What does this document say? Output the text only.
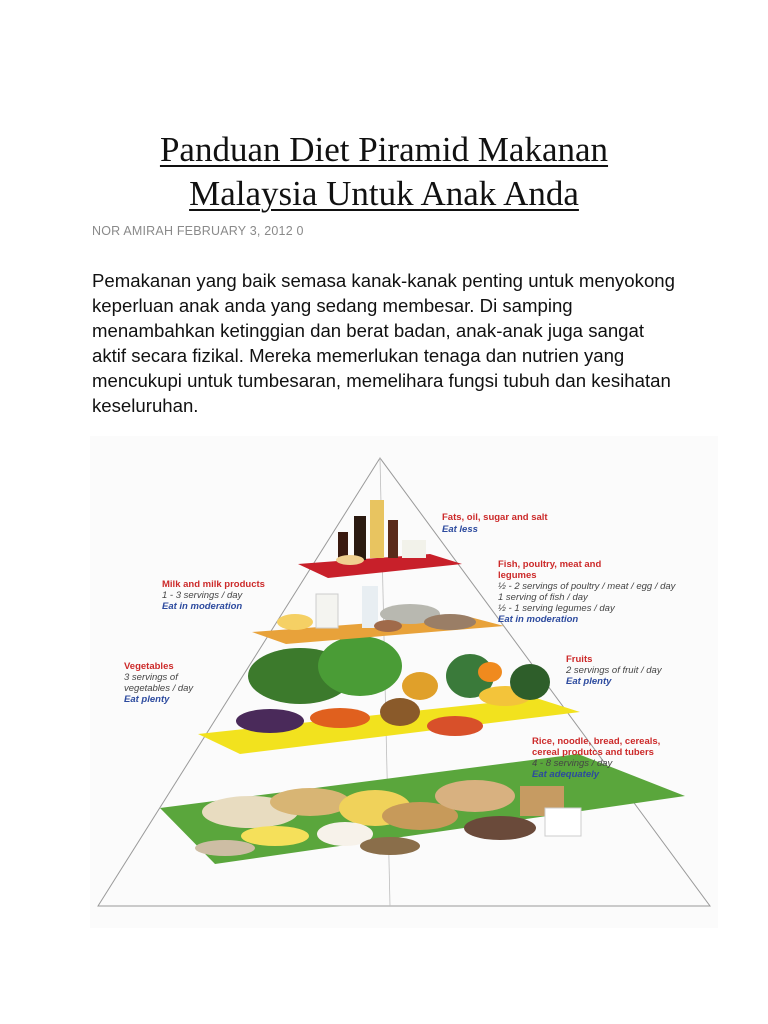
Panduan Diet Piramid Makanan
Malaysia Untuk Anak Anda
NOR AMIRAH FEBRUARY 3, 2012 0
Pemakanan yang baik semasa kanak-kanak penting untuk menyokong keperluan anak anda yang sedang membesar. Di samping menambahkan ketinggian dan berat badan, anak-anak juga sangat aktif secara fizikal. Mereka memerlukan tenaga dan nutrien yang mencukupi untuk tumbesaran, memelihara fungsi tubuh dan kesihatan keseluruhan.
Fats, oil, sugar and salt
Eat less
Fish, poultry, meat and
legumes
½ - 2 servings of poultry / meat / egg / day
1 serving of fish / day
½ - 1 serving legumes / day
Eat in moderation
Milk and milk products
1 - 3 servings / day
Eat in moderation
Fruits
2 servings of fruit / day
Eat plenty
Vegetables
3 servings of
vegetables / day
Eat plenty
Rice, noodle, bread, cereals,
cereal produtcs and tubers
4 - 8 servings / day
Eat adequately
